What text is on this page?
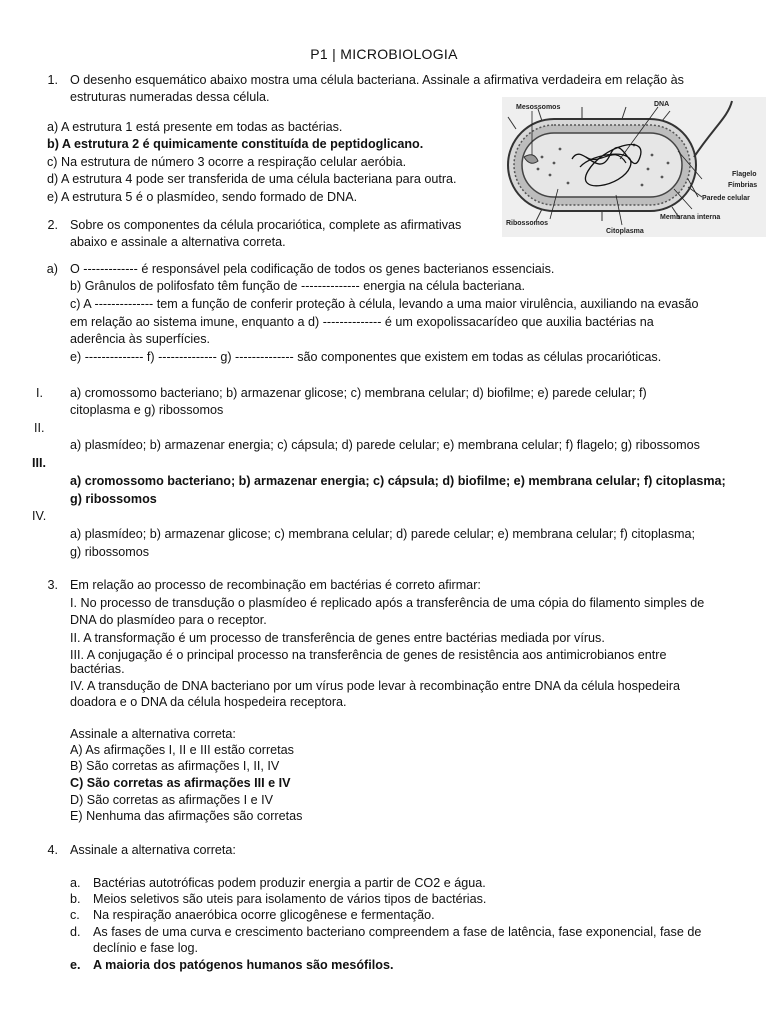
P1 | MICROBIOLOGIA
1. O desenho esquemático abaixo mostra uma célula bacteriana. Assinale a afirmativa verdadeira em relação às estruturas numeradas dessa célula.
a) A estrutura 1 está presente em todas as bactérias.
b) A estrutura 2 é quimicamente constituída de peptidoglicano.
c) Na estrutura de número 3 ocorre a respiração celular aeróbia.
d) A estrutura 4 pode ser transferida de uma célula bacteriana para outra.
e) A estrutura 5 é o plasmídeo, sendo formado de DNA.
Mesossomos	DNA
Flagelo
Fímbrias
Parede celular
Membrana interna
Ribossomos
Citoplasma
2. Sobre os componentes da célula procariótica, complete as afirmativas abaixo e assinale a alternativa correta.
a) O ------------- é responsável pela codificação de todos os genes bacterianos essenciais.
b) Grânulos de polifosfato têm função de -------------- energia na célula bacteriana.
c) A -------------- tem a função de conferir proteção à célula, levando a uma maior virulência, auxiliando na evasão
em relação ao sistema imune, enquanto a d) -------------- é um exopolissacarídeo que auxilia bactérias na
aderência às superfícies.
e) -------------- f) -------------- g) -------------- são componentes que existem em todas as células procarióticas.
I. a) cromossomo bacteriano; b) armazenar glicose; c) membrana celular; d) biofilme; e) parede celular; f)
citoplasma e g) ribossomos
II.
a) plasmídeo; b) armazenar energia; c) cápsula; d) parede celular; e) membrana celular; f) flagelo; g) ribossomos
III.
a) cromossomo bacteriano; b) armazenar energia; c) cápsula; d) biofilme; e) membrana celular; f) citoplasma;
g) ribossomos
IV.
a) plasmídeo; b) armazenar glicose; c) membrana celular; d) parede celular; e) membrana celular; f) citoplasma;
g) ribossomos
3. Em relação ao processo de recombinação em bactérias é correto afirmar:
I. No processo de transdução o plasmídeo é replicado após a transferência de uma cópia do filamento simples de
DNA do plasmídeo para o receptor.
II. A transformação é um processo de transferência de genes entre bactérias mediada por vírus.
III. A conjugação é o principal processo na transferência de genes de resistência aos antimicrobianos entre
bactérias.
IV. A transdução de DNA bacteriano por um vírus pode levar à recombinação entre DNA da célula hospedeira
doadora e o DNA da célula hospedeira receptora.
Assinale a alternativa correta:
A) As afirmações I, II e III estão corretas
B) São corretas as afirmações I, II, IV
C) São corretas as afirmações III e IV
D) São corretas as afirmações I e IV
E) Nenhuma das afirmações são corretas
4. Assinale a alternativa correta:
a. Bactérias autotróficas podem produzir energia a partir de CO2 e água.
b. Meios seletivos são uteis para isolamento de vários tipos de bactérias.
c. Na respiração anaeróbica ocorre glicogênese e fermentação.
d. As fases de uma curva e crescimento bacteriano compreendem a fase de latência, fase exponencial, fase de
declínio e fase log.
e. A maioria dos patógenos humanos são mesófilos.
